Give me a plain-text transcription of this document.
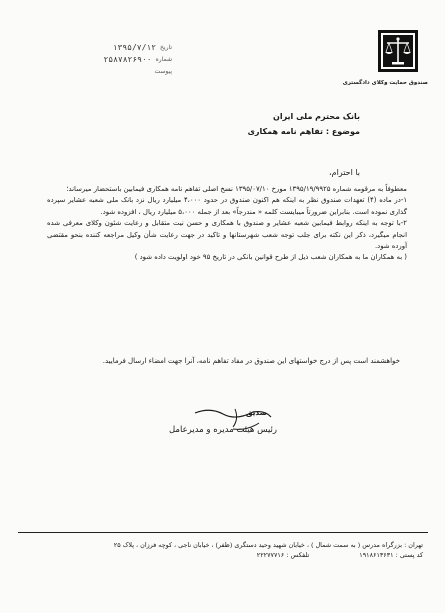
تاریخ
۱۳۹۵/۷/۱۲
شماره
۲۵۸۷۸۲۶۹۰۰
پیوست
صندوق حمایت وکلای دادگستری
بانک محترم ملی ایران
موضوع : تفاهم نامه همکاری
با احترام،

معطوفاً به مرقومه شماره ۱۳۹۵/۱۹/۹۹۲۵ مورخ ۱۳۹۵/۰۷/۱۰ نسخ اصلی تفاهم نامه همکاری فیمابین باستحضار میرساند؛

۱-در ماده (۴) تعهدات صندوق نظر به اینکه هم اکنون صندوق در حدود ۴،۰۰۰ میلیارد ریال نزد بانک ملی شعبه عشایر سپرده گذاری نموده است. بنابراین ضرورتاً میبایست کلمه « مندرجاً» بعد از جمله ۵،۰۰۰ میلیارد ریال ، افزوده شود.

۲-با توجه به اینکه روابط فیمابین شعبه عشایر و صندوق با همکاری و حسن نیت متقابل و رعایت شئون وکلای معرفی شده انجام میگیرد، ذکر این نکته برای جلب توجه شعب شهرستانها و تاکید در جهت رعایت شأن وکیل مراجعه کننده بنحو مقتضی آورده شود.

( به همکاران ما به همکاران شعب ذیل از طرح قوانین بانکی در تاریخ ۹۵ خود اولویت داده شود )

خواهشمند است پس از درج خواستهای این صندوق در مفاد تفاهم نامه، آنرا جهت امضاء ارسال فرمایید.
صدیق
رئیس هیئت مدیره و مدیرعامل
تهران : بزرگراه مدرس ( به سمت شمال ) ، خیابان شهید وحید دستگری (ظفر) ، خیابان ناجی ، کوچه فرزان ، پلاک ۲۵
کد پستی : ۱۹۱۸۶۱۳۶۳۱
تلفکس : ۲۲۲۷۷۷۱۶
